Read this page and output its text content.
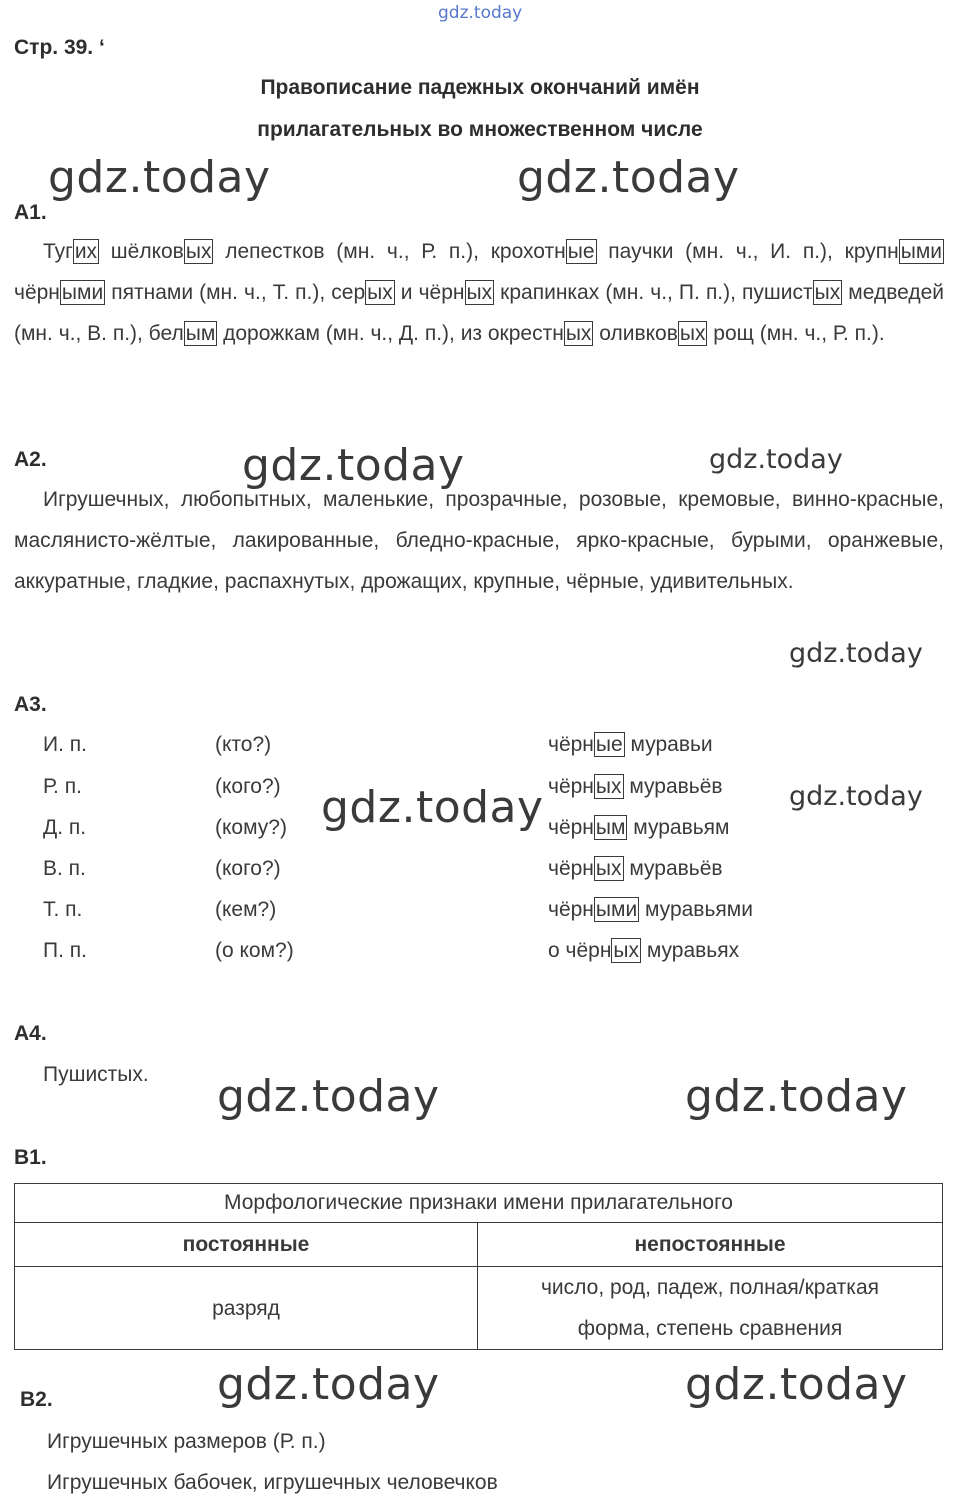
gdz.today
Стр. 39. ʻ
Правописание падежных окончаний имён
прилагательных во множественном числе
А1.
Тугих шёлковых лепестков (мн. ч., Р. п.), крохотные паучки (мн. ч., И. п.), крупными чёрными пятнами (мн. ч., Т. п.), серых и чёрных крапинках (мн. ч., П. п.), пушистых медведей (мн. ч., В. п.), белым дорожкам (мн. ч., Д. п.), из окрестных оливковых рощ (мн. ч., Р. п.).
А2.
Игрушечных, любопытных, маленькие, прозрачные, розовые, кремовые, винно-красные, маслянисто-жёлтые, лакированные, бледно-красные, ярко-красные, бурыми, оранжевые, аккуратные, гладкие, распахнутых, дрожащих, крупные, чёрные, удивительных.
А3.
И. п.	(кто?)	чёрные муравьи
Р. п.	(кого?)	чёрных муравьёв
Д. п.	(кому?)	чёрным муравьям
В. п.	(кого?)	чёрных муравьёв
Т. п.	(кем?)	чёрными муравьями
П. п.	(о ком?)	о чёрных муравьях
А4.
Пушистых.
В1.
Морфологические признаки имени прилагательного	
постоянные	непостоянные
разряд	число, род, падеж, полная/краткая
форма, степень сравнения
В2.
Игрушечных размеров (Р. п.)
Игрушечных бабочек, игрушечных человечков
gdz.today	gdz.today
gdz.today	gdz.today
gdz.today
gdz.today	gdz.today
gdz.today	gdz.today
gdz.today	gdz.today
